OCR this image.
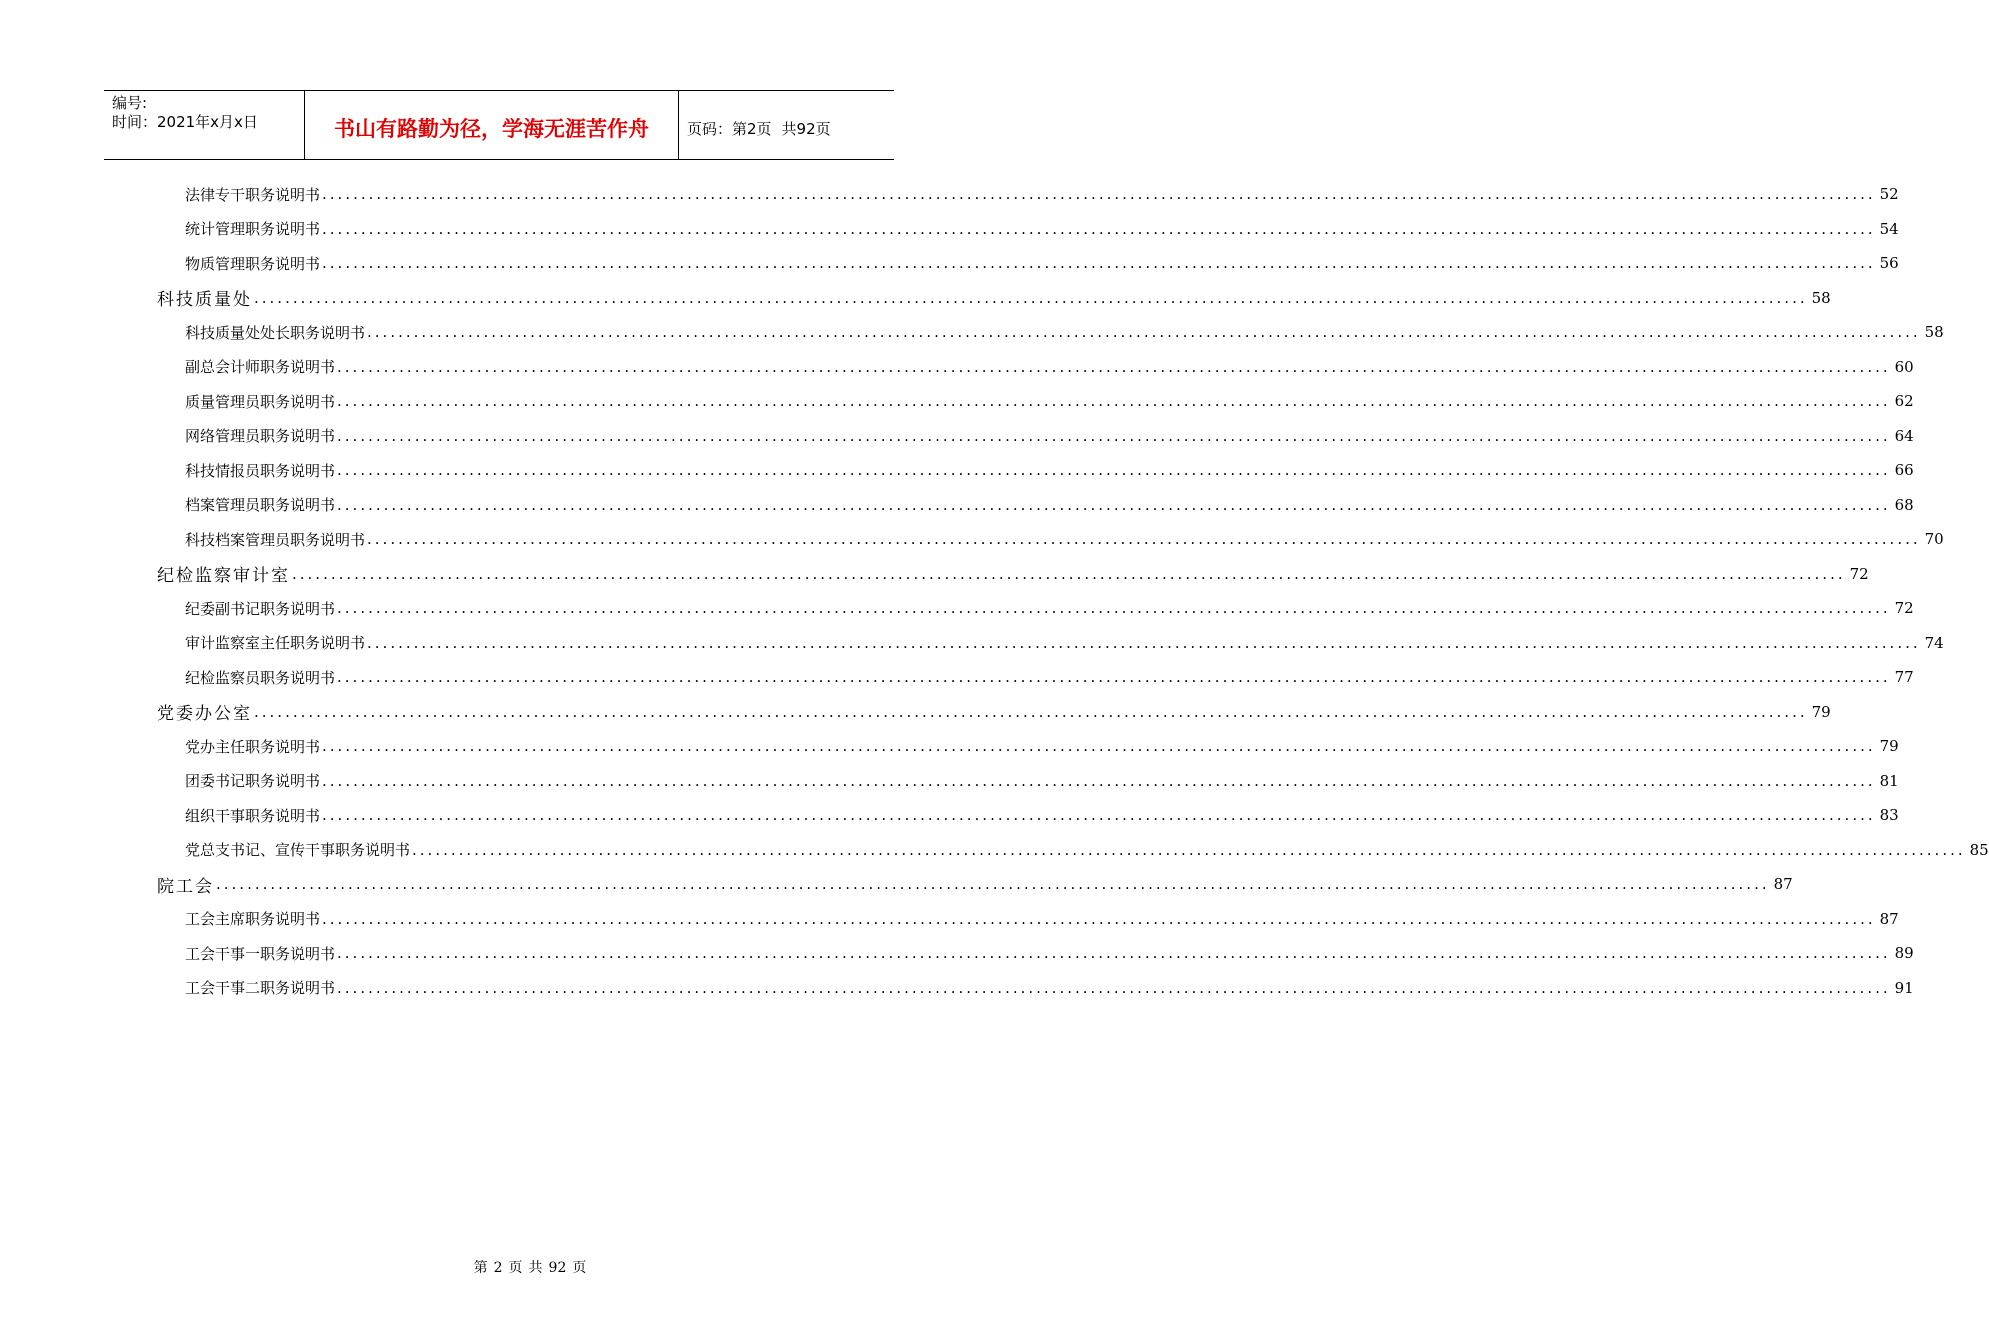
编号:
时间：2021年x月x日	书山有路勤为径，学海无涯苦作舟	页码：第2页 共92页
法律专干职务说明书 ........................................................................................................................................................................................................ 52
统计管理职务说明书 ........................................................................................................................................................................................................ 54
物质管理职务说明书 ........................................................................................................................................................................................................ 56
科技质量处 ........................................................................................................................................................................................................ 58
科技质量处处长职务说明书 ........................................................................................................................................................................................................ 58
副总会计师职务说明书 ........................................................................................................................................................................................................ 60
质量管理员职务说明书 ........................................................................................................................................................................................................ 62
网络管理员职务说明书 ........................................................................................................................................................................................................ 64
科技情报员职务说明书 ........................................................................................................................................................................................................ 66
档案管理员职务说明书 ........................................................................................................................................................................................................ 68
科技档案管理员职务说明书 ........................................................................................................................................................................................................ 70
纪检监察审计室 ........................................................................................................................................................................................................ 72
纪委副书记职务说明书 ........................................................................................................................................................................................................ 72
审计监察室主任职务说明书 ........................................................................................................................................................................................................ 74
纪检监察员职务说明书 ........................................................................................................................................................................................................ 77
党委办公室 ........................................................................................................................................................................................................ 79
党办主任职务说明书 ........................................................................................................................................................................................................ 79
团委书记职务说明书 ........................................................................................................................................................................................................ 81
组织干事职务说明书 ........................................................................................................................................................................................................ 83
党总支书记、宣传干事职务说明书 ........................................................................................................................................................................................................ 85
院工会 ........................................................................................................................................................................................................ 87
工会主席职务说明书 ........................................................................................................................................................................................................ 87
工会干事一职务说明书 ........................................................................................................................................................................................................ 89
工会干事二职务说明书 ........................................................................................................................................................................................................ 91
第 2 页 共 92 页
